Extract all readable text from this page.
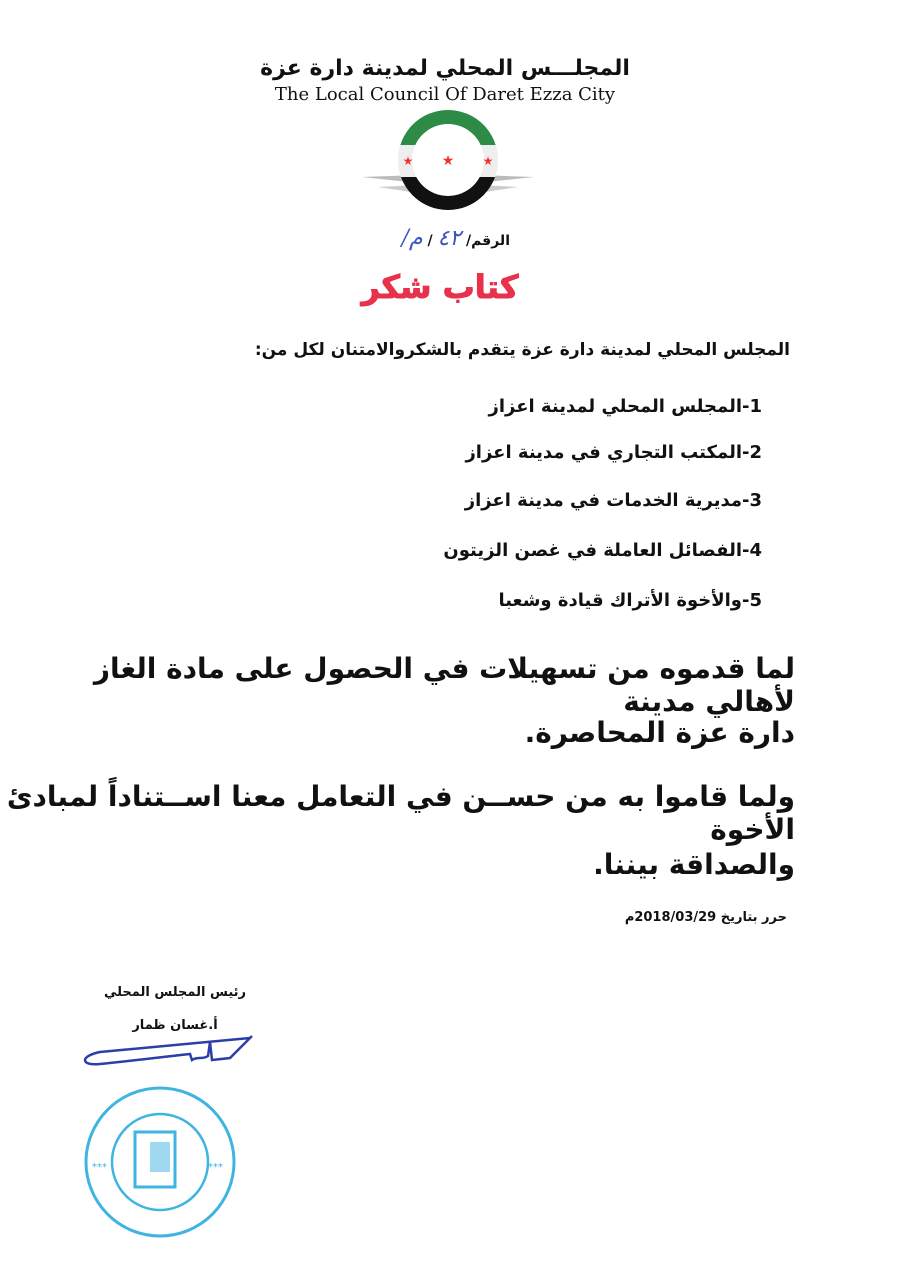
المجلـــس المحلي لمدينة دارة عزة
The Local Council Of Daret Ezza City
★
★	★
الرقم/ ٤٢ / م/
كتاب شكر
المجلس المحلي لمدينة دارة عزة يتقدم بالشكروالامتنان لكل من:
1-المجلس المحلي لمدينة اعزاز
2-المكتب التجاري في مدينة اعزاز
3-مديرية الخدمات في مدينة اعزاز
4-الفصائل العاملة في غصن الزيتون
5-والأخوة الأتراك قيادة وشعبا
لما قدموه من تسهيلات في الحصول على مادة الغاز لأهالي مدينة
دارة عزة المحاصرة.
ولما قاموا به من حســن في التعامل معنا اســتناداً لمبادئ الأخوة
والصداقة بيننا.
حرر بتاريخ 2018/03/29م
رئيس المجلس المحلي
أ.غسان ظمار
***	***
